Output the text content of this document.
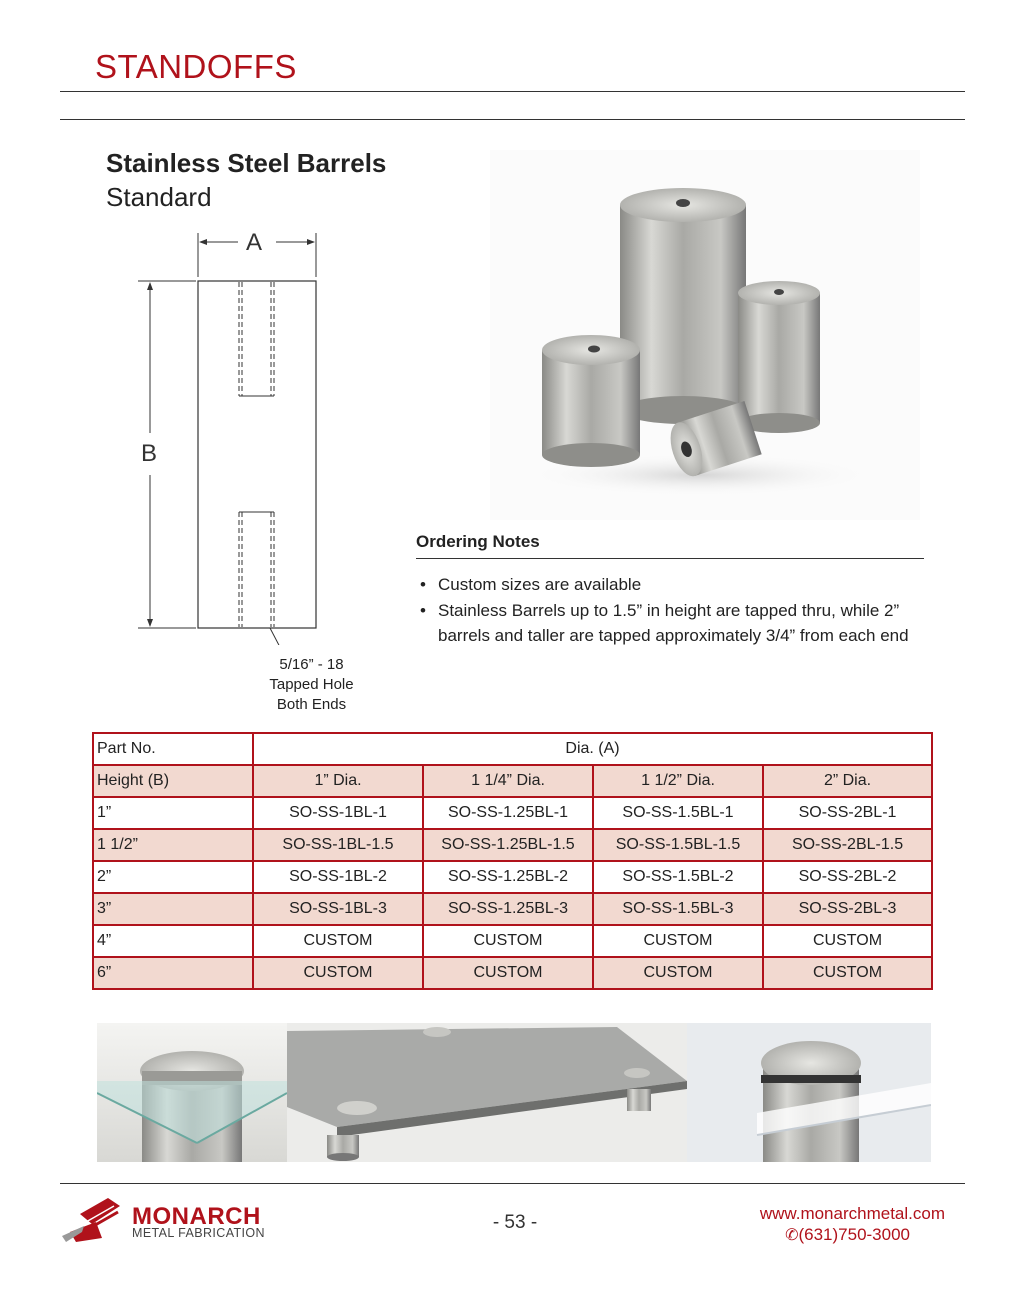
STANDOFFS
Stainless Steel Barrels
Standard
A
B
5/16” - 18
Tapped Hole
Both Ends
Ordering Notes
• Custom sizes are available
• Stainless Barrels up to 1.5” in height are tapped thru, while 2” barrels and taller are tapped approximately 3/4” from each end
Part No.	Dia. (A)			
Height (B)	1” Dia.	1 1/4” Dia.	1 1/2” Dia.	2” Dia.
1”	SO-SS-1BL-1	SO-SS-1.25BL-1	SO-SS-1.5BL-1	SO-SS-2BL-1
1 1/2”	SO-SS-1BL-1.5	SO-SS-1.25BL-1.5	SO-SS-1.5BL-1.5	SO-SS-2BL-1.5
2”	SO-SS-1BL-2	SO-SS-1.25BL-2	SO-SS-1.5BL-2	SO-SS-2BL-2
3”	SO-SS-1BL-3	SO-SS-1.25BL-3	SO-SS-1.5BL-3	SO-SS-2BL-3
4”	CUSTOM	CUSTOM	CUSTOM	CUSTOM
6”	CUSTOM	CUSTOM	CUSTOM	CUSTOM
MONARCH
METAL FABRICATION	- 53 -	www.monarchmetal.com
✆(631)750-3000
